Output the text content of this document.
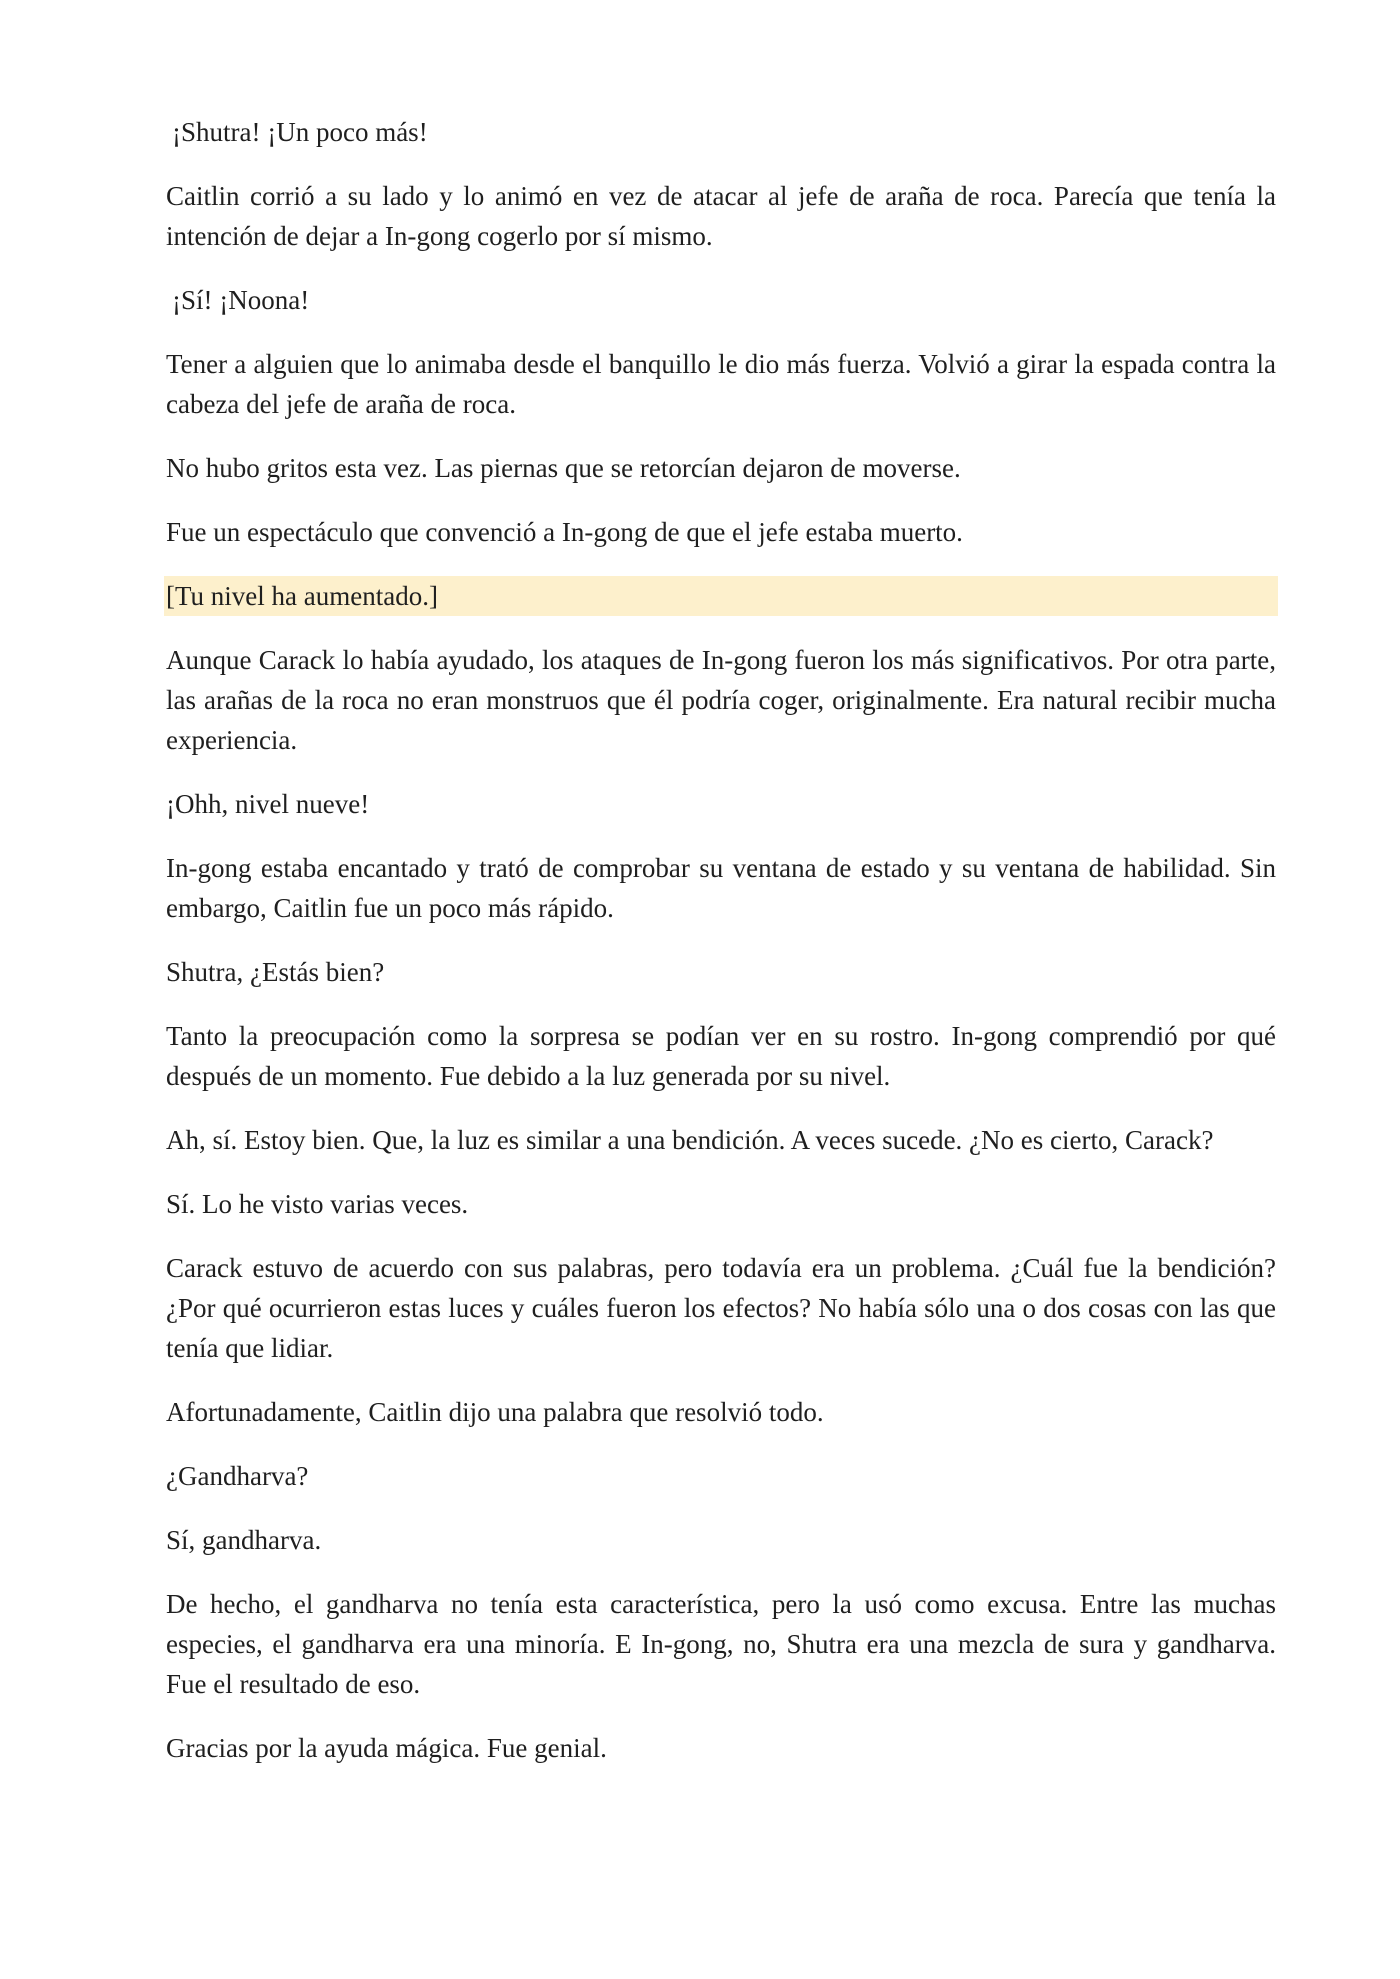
¡Shutra! ¡Un poco más!

Caitlin corrió a su lado y lo animó en vez de atacar al jefe de araña de roca. Parecía que tenía la intención de dejar a In-gong cogerlo por sí mismo.

¡Sí! ¡Noona!

Tener a alguien que lo animaba desde el banquillo le dio más fuerza. Volvió a girar la espada contra la cabeza del jefe de araña de roca.

No hubo gritos esta vez. Las piernas que se retorcían dejaron de moverse.

Fue un espectáculo que convenció a In-gong de que el jefe estaba muerto.

[Tu nivel ha aumentado.]

Aunque Carack lo había ayudado, los ataques de In-gong fueron los más significativos. Por otra parte, las arañas de la roca no eran monstruos que él podría coger, originalmente. Era natural recibir mucha experiencia.

¡Ohh, nivel nueve!

In-gong estaba encantado y trató de comprobar su ventana de estado y su ventana de habilidad. Sin embargo, Caitlin fue un poco más rápido.

Shutra, ¿Estás bien?

Tanto la preocupación como la sorpresa se podían ver en su rostro. In-gong comprendió por qué después de un momento. Fue debido a la luz generada por su nivel.

Ah, sí. Estoy bien. Que, la luz es similar a una bendición. A veces sucede. ¿No es cierto, Carack?

Sí. Lo he visto varias veces.

Carack estuvo de acuerdo con sus palabras, pero todavía era un problema. ¿Cuál fue la bendición? ¿Por qué ocurrieron estas luces y cuáles fueron los efectos? No había sólo una o dos cosas con las que tenía que lidiar.

Afortunadamente, Caitlin dijo una palabra que resolvió todo.

¿Gandharva?

Sí, gandharva.

De hecho, el gandharva no tenía esta característica, pero la usó como excusa. Entre las muchas especies, el gandharva era una minoría. E In-gong, no, Shutra era una mezcla de sura y gandharva. Fue el resultado de eso.

Gracias por la ayuda mágica. Fue genial.
